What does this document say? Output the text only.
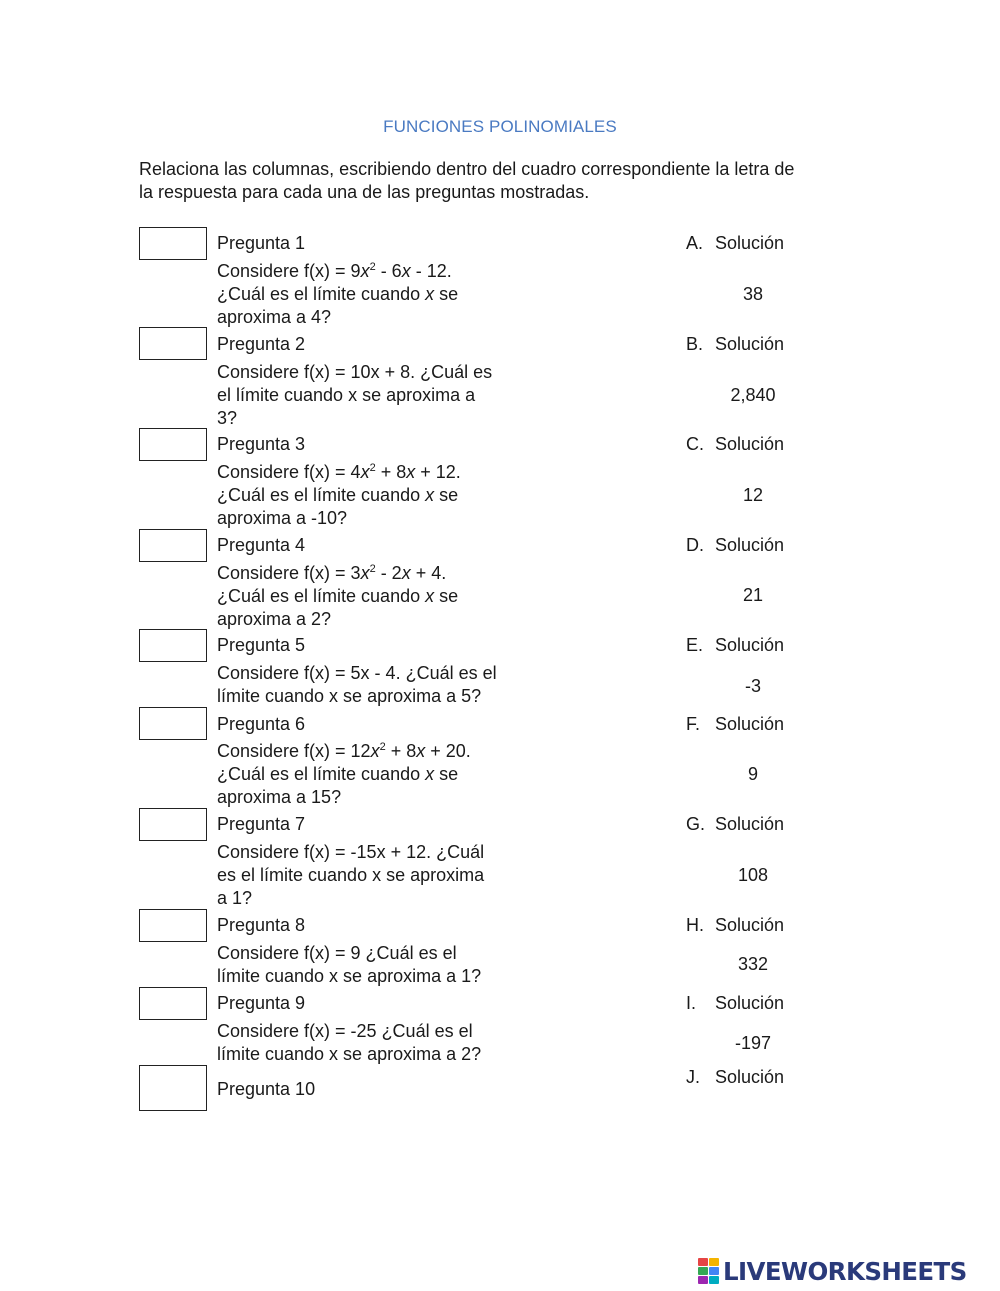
FUNCIONES POLINOMIALES
Relaciona las columnas, escribiendo dentro del cuadro correspondiente la letra de
la respuesta para cada una de las preguntas mostradas.
Pregunta 1
Considere $f(x) = 9x^2 - 6x - 12$.
¿Cuál es el límite cuando x se
aproxima a 4?
Pregunta 2
Considere f(x) = 10x + 8. ¿Cuál es
el límite cuando x se aproxima a
3?
Pregunta 3
Considere $f(x) = 4x^2 + 8x + 12$.
¿Cuál es el límite cuando x se
aproxima a -10?
Pregunta 4
Considere $f(x) = 3x^2 - 2x + 4$.
¿Cuál es el límite cuando x se
aproxima a 2?
Pregunta 5
Considere f(x) = 5x - 4. ¿Cuál es el
límite cuando x se aproxima a 5?
Pregunta 6
Considere $f(x) = 12x^2 + 8x + 20$.
¿Cuál es el límite cuando x se
aproxima a 15?
Pregunta 7
Considere f(x) = -15x + 12. ¿Cuál
es el límite cuando x se aproxima
a 1?
Pregunta 8
Considere f(x) = 9 ¿Cuál es el
límite cuando x se aproxima a 1?
Pregunta 9
Considere f(x) = -25 ¿Cuál es el
límite cuando x se aproxima a 2?
Pregunta 10
A. Solución
38
B. Solución
2,840
C. Solución
12
D. Solución
21
E. Solución
-3
F. Solución
9
G. Solución
108
H. Solución
332
I. Solución
-197
J. Solución
LIVEWORKSHEETS
